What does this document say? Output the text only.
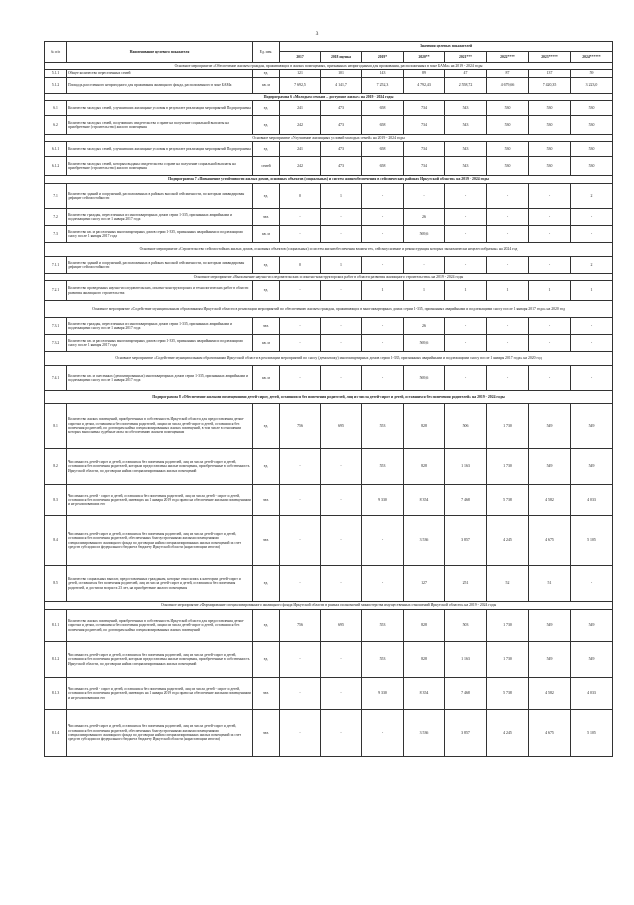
3
№ п/п	Наименование целевого показателя	Ед. изм.	Значения целевых показателей							
			2017	2018 оценка	2019*	2020**	2021***	2022****	2023*****	2024******
Основное мероприятие «Обеспечение жильем граждан, проживающих в жилых помещениях, признанных непригодными для проживания, расположенных в зоне БАМа» на 2019 - 2024 годы										
5.1.1	Общее количество переселенных семей	ед.	121	101	143	89	47	87	137	59
5.1.2	Площадь расселенного непригодного для проживания жилищного фонда, расположенного в зоне БАМа	кв. м	7 692,5	4 141,7	7 252,3	4 792,43	2 558,72	4 679,66	7 420,35	3 223,0
Подпрограмма 6 «Молодым семьям – доступное жилье» на 2019 - 2024 годы										
6.1	Количество молодых семей, улучшивших жилищные условия в результате реализации мероприятий Подпрограммы	ед.	241	473	658	734	543	530	530	530
6.2	Количество молодых семей, получивших свидетельства о праве на получение социальной выплаты на приобретение (строительство) жилого помещения	ед.	242	473	658	734	543	530	530	530
Основное мероприятие «Улучшение жилищных условий молодых семей» на 2019 - 2024 годы										
6.1.1	Количество молодых семей, улучшивших жилищные условия в результате реализации мероприятий Подпрограммы	ед.	241	473	658	734	543	530	530	530
6.1.2	Количество молодых семей, которым выданы свидетельства о праве на получение социальной выплаты на приобретение (строительство) жилого помещения	семей	242	473	658	734	543	530	530	530
Подпрограмма 7 «Повышение устойчивости жилых домов, основных объектов (социальных) и систем жизнеобеспечения в сейсмических районах Иркутской области» на 2019 - 2024 годы										
7.1	Количество зданий и сооружений, расположенных в районах высокой сейсмичности, по которым ликвидирован дефицит сейсмостойкости	ед.	0	1	-	-	-	-	-	2
7.2	Количество граждан, переселенных из многоквартирных домов серии 1-335, признанных аварийными и подлежащими сносу после 1 января 2017 года	чел.	-	-	-	26	-	-	-	-
7.3	Количество кв. м расселенных многоквартирных домов серии 1-335, признанных аварийными и подлежащими сносу после 1 января 2017 года	кв. м	-	-	-	569,6	-	-	-	-
Основное мероприятие «Строительство сейсмостойких жилых домов, основных объектов (социальных) и систем жизнеобеспечения взамен тех, сейсмоусиление и реконструкция которых экономически нецелесообразны» на 2024 год										
7.1.1	Количество зданий и сооружений, расположенных в районах высокой сейсмичности, по которым ликвидирован дефицит сейсмостойкости	ед.	0	1	-	-	-	-	-	2
Основное мероприятие «Выполнение научно-исследовательских и опытно-конструкторских работ в области развития жилищного строительства» на 2019 - 2024 годы										
7.2.1	Количество проведенных научно-исследовательских, опытно-конструкторских и технологических работ в области развития жилищного строительства	ед.	-	-	1	1	1	1	1	1
Основное мероприятие «Содействие муниципальным образованиям Иркутской области в реализации мероприятий по обеспечению жильем граждан, проживающих в многоквартирных домах серии 1-335, признанных аварийными и подлежащими сносу после 1 января 2017 года» на 2020 год										
7.3.1	Количество граждан, переселенных из многоквартирных домов серии 1-335, признанных аварийными и подлежащими сносу после 1 января 2017 года	чел.	-	-	-	26	-	-	-	-
7.3.2	Количество кв. м расселенных многоквартирных домов серии 1-335, признанных аварийными и подлежащими сносу после 1 января 2017 года	кв. м	-	-	-	569,6	-	-	-	-
Основное мероприятие «Содействие муниципальным образованиям Иркутской области в реализации мероприятий по сносу (демонтажу) многоквартирных домов серии 1-335, признанных аварийными и подлежащими сносу после 1 января 2017 года» на 2020 год										
7.4.1	Количество кв. м снесенных (демонтированных) многоквартирных домов серии 1-335, признанных аварийными и подлежащими сносу после 1 января 2017 года	кв. м	-	-	-	569,6	-	-	-	-
Подпрограмма 8 «Обеспечение жилыми помещениями детей-сирот, детей, оставшихся без попечения родителей, лиц из числа детей-сирот и детей, оставшихся без попечения родителей» на 2019 - 2024 годы										
8.1	Количество жилых помещений, приобретенных в собственность Иркутской области для предоставления детям-сиротам и детям, оставшимся без попечения родителей, лицам из числа детей-сирот и детей, оставшихся без попечения родителей, по договорам найма специализированных жилых помещений, в том числе в отношении которых выполнены судебные акты по обеспечению жильем помещениям	ед.	756	695	553	828	506	1 730	549	549
8.2	Численность детей-сирот и детей, оставшихся без попечения родителей, лиц из числа детей-сирот и детей, оставшихся без попечения родителей, которым предоставлены жилые помещения, приобретенные в собственность Иркутской области, по договорам найма специализированных жилых помещений	ед.	-	-	553	828	1 163	1 730	549	549
8.3	Численность детей - сирот и детей, оставшихся без попечения родителей, лиц из числа детей - сирот и детей, оставшихся без попечения родителей, имеющих на 1 января 2019 года право на обеспечение жилыми помещениями и не реализовавших его	чел.	-	-	9 330	8 354	7 468	5 738	4 582	4 033
8.4	Численность детей-сирот и детей, оставшихся без попечения родителей, лиц из числа детей-сирот и детей, оставшихся без попечения родителей, обеспеченных благоустроенными жилыми помещениями специализированного жилищного фонда по договорам найма специализированных жилых помещений за счет средств субсидии из федерального бюджета бюджету Иркутской области (нарастающим итогом)	чел.	-	-	-	3 536	3 857	4 245	4 675	5 105
8.5	Количество социальных выплат, предоставленных гражданам, которые относились к категории детей-сирот и детей, оставшихся без попечения родителей, лиц из числа детей-сирот и детей, оставшихся без попечения родителей, и достигли возраста 23 лет, на приобретение жилого помещения	ед.	-	-	-	127	251	52	51	-
Основное мероприятие «Формирование специализированного жилищного фонда Иркутской области в рамках полномочий министерства имущественных отношений Иркутской области» на 2019 - 2024 годы										
8.1.1	Количество жилых помещений, приобретенных в собственность Иркутской области для предоставления детям-сиротам и детям, оставшимся без попечения родителей, лицам из числа детей-сирот и детей, оставшихся без попечения родителей, по договорам найма специализированных жилых помещений	ед.	756	695	553	828	503	1 730	549	549
8.1.2	Численность детей-сирот и детей, оставшихся без попечения родителей, лиц из числа детей-сирот и детей, оставшихся без попечения родителей, которым предоставлены жилые помещения, приобретенные в собственность Иркутской области, по договорам найма специализированных жилых помещений	ед.	-	-	553	828	1 163	1 730	549	549
8.1.3	Численность детей - сирот и детей, оставшихся без попечения родителей, лиц из числа детей - сирот и детей, оставшихся без попечения родителей, имеющих на 1 января 2019 года право на обеспечение жилыми помещениями и не реализовавших его	чел.	-	-	9 330	8 354	7 468	5 738	4 582	4 033
8.1.4	Численность детей-сирот и детей, оставшихся без попечения родителей, лиц из числа детей-сирот и детей, оставшихся без попечения родителей, обеспеченных благоустроенными жилыми помещениями специализированного жилищного фонда по договорам найма специализированных жилых помещений за счет средств субсидии из федерального бюджета бюджету Иркутской области (нарастающим итогом)	чел.	-	-	-	3 536	3 857	4 245	4 675	5 105
